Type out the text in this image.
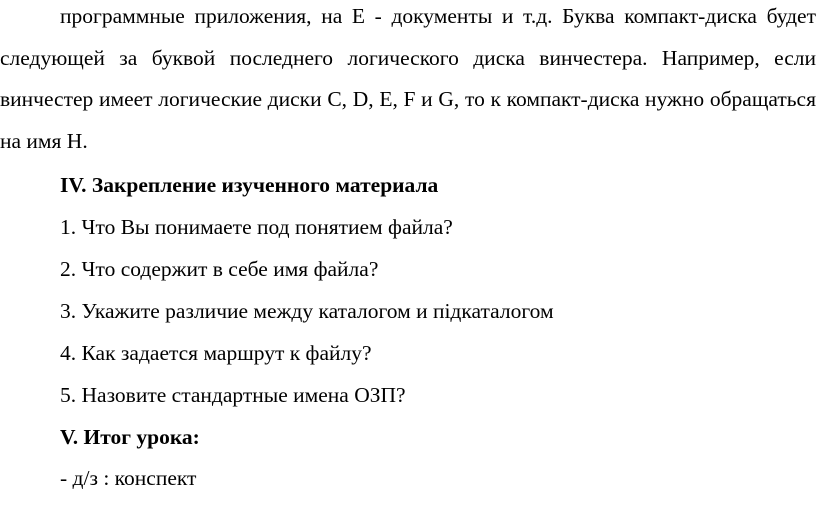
программные приложения, на Е - документы и т.д. Буква компакт-диска будет следующей за буквой последнего логического диска винчестера. Например, если винчестер имеет логические диски C, D, E, F и G, то к компакт-диска нужно обращаться на имя Н.

IV. Закрепление изученного материала

1. Что Вы понимаете под понятием файла?

2. Что содержит в себе имя файла?

3. Укажите различие между каталогом и підкаталогом

4. Как задается маршрут к файлу?

5. Назовите стандартные имена ОЗП?

V. Итог урока:

- д/з : конспект
